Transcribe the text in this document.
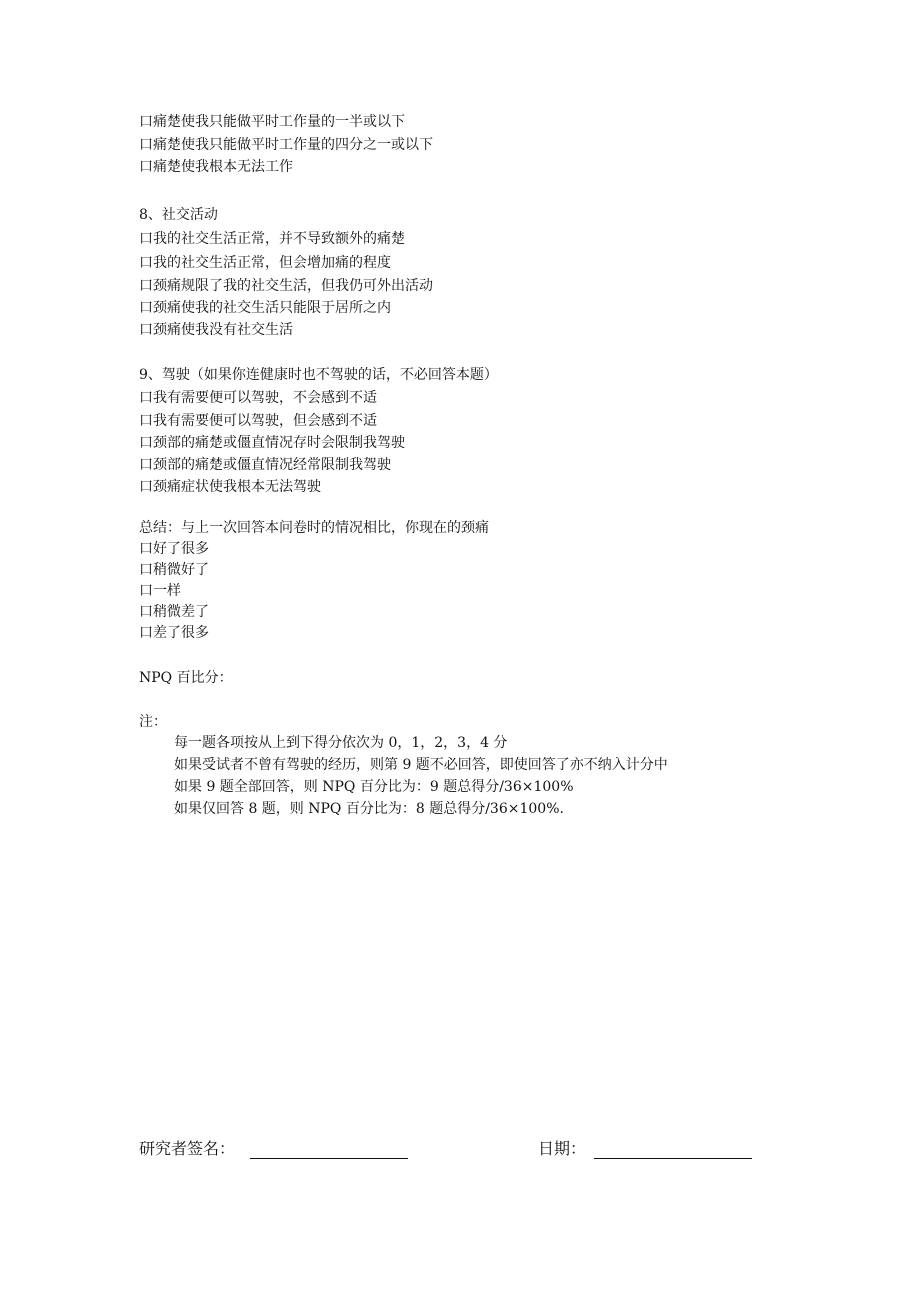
口痛楚使我只能做平时工作量的一半或以下
口痛楚使我只能做平时工作量的四分之一或以下
口痛楚使我根本无法工作
8、社交活动
口我的社交生活正常，并不导致额外的痛楚
口我的社交生活正常，但会增加痛的程度
口颈痛规限了我的社交生活，但我仍可外出活动
口颈痛使我的社交生活只能限于居所之内
口颈痛使我没有社交生活
9、驾驶（如果你连健康时也不驾驶的话，不必回答本题）
口我有需要便可以驾驶，不会感到不适
口我有需要便可以驾驶，但会感到不适
口颈部的痛楚或僵直情况存时会限制我驾驶
口颈部的痛楚或僵直情况经常限制我驾驶
口颈痛症状使我根本无法驾驶
总结：与上一次回答本问卷时的情况相比，你现在的颈痛
口好了很多
口稍微好了
口一样
口稍微差了
口差了很多
NPQ 百比分：
注：
每一题各项按从上到下得分依次为 0，1，2，3，4 分
如果受试者不曾有驾驶的经历，则第 9 题不必回答，即使回答了亦不纳入计分中
如果 9 题全部回答，则 NPQ 百分比为：9 题总得分/36×100%
如果仅回答 8 题，则 NPQ 百分比为：8 题总得分/36×100%.
研究者签名：	日期：
